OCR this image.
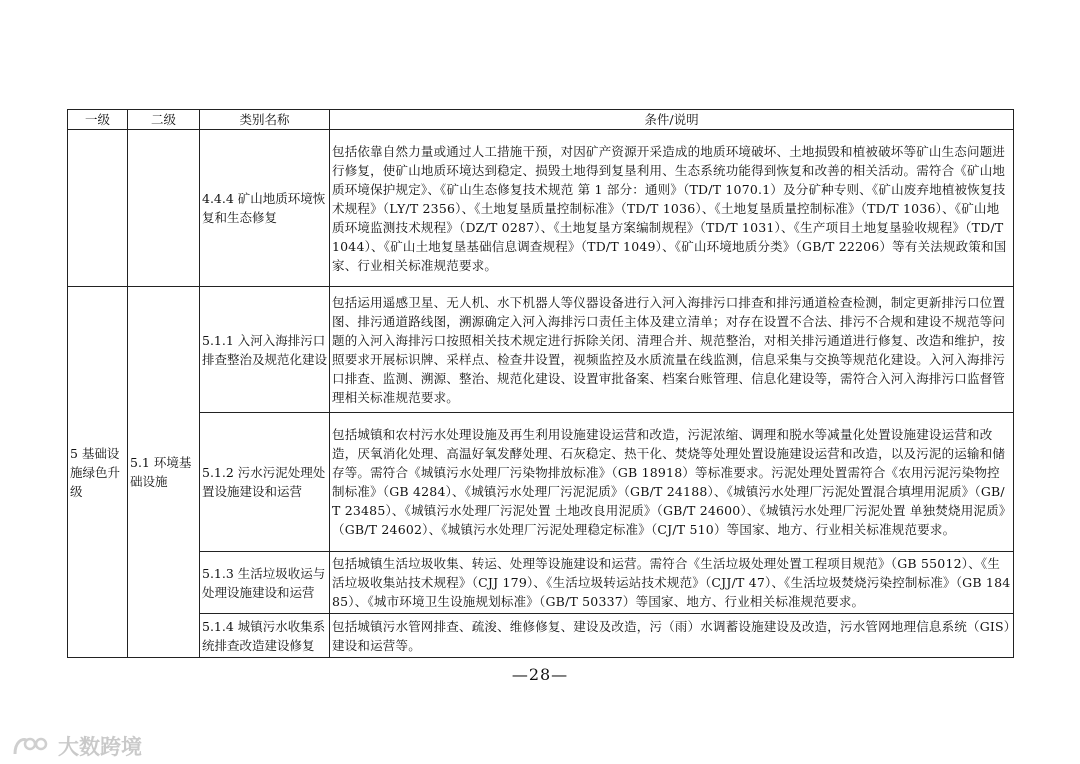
一级	二级	类别名称	条件/说明
		4.4.4 矿山地质环境恢复和生态修复	包括依靠自然力量或通过人工措施干预，对因矿产资源开采造成的地质环境破坏、土地损毁和植被破坏等矿山生态问题进行修复，使矿山地质环境达到稳定、损毁土地得到复垦利用、生态系统功能得到恢复和改善的相关活动。需符合《矿山地质环境保护规定》、《矿山生态修复技术规范 第 1 部分：通则》（TD/T 1070.1）及分矿种专则、《矿山废弃地植被恢复技术规程》（LY/T 2356）、《土地复垦质量控制标准》（TD/T 1036）、《土地复垦质量控制标准》（TD/T 1036）、《矿山地质环境监测技术规程》（DZ/T 0287）、《土地复垦方案编制规程》（TD/T 1031）、《生产项目土地复垦验收规程》（TD/T 1044）、《矿山土地复垦基础信息调查规程》（TD/T 1049）、《矿山环境地质分类》（GB/T 22206）等有关法规政策和国家、行业相关标准规范要求。
5 基础设施绿色升级	5.1 环境基础设施	5.1.1 入河入海排污口排查整治及规范化建设	包括运用遥感卫星、无人机、水下机器人等仪器设备进行入河入海排污口排查和排污通道检查检测，制定更新排污口位置图、排污通道路线图，溯源确定入河入海排污口责任主体及建立清单；对存在设置不合法、排污不合规和建设不规范等问题的入河入海排污口按照相关技术规定进行拆除关闭、清理合并、规范整治，对相关排污通道进行修复、改造和维护，按照要求开展标识牌、采样点、检查井设置，视频监控及水质流量在线监测，信息采集与交换等规范化建设。入河入海排污口排查、监测、溯源、整治、规范化建设、设置审批备案、档案台账管理、信息化建设等，需符合入河入海排污口监督管理相关标准规范要求。
		5.1.2 污水污泥处理处置设施建设和运营	包括城镇和农村污水处理设施及再生利用设施建设运营和改造，污泥浓缩、调理和脱水等减量化处置设施建设运营和改造，厌氧消化处理、高温好氧发酵处理、石灰稳定、热干化、焚烧等处理处置设施建设运营和改造，以及污泥的运输和储存等。需符合《城镇污水处理厂污染物排放标准》（GB 18918）等标准要求。污泥处理处置需符合《农用污泥污染物控制标准》（GB 4284）、《城镇污水处理厂污泥泥质》（GB/T 24188）、《城镇污水处理厂污泥处置混合填埋用泥质》（GB/T 23485）、《城镇污水处理厂污泥处置 土地改良用泥质》（GB/T 24600）、《城镇污水处理厂污泥处置 单独焚烧用泥质》（GB/T 24602）、《城镇污水处理厂污泥处理稳定标准》（CJ/T 510）等国家、地方、行业相关标准规范要求。
		5.1.3 生活垃圾收运与处理设施建设和运营	包括城镇生活垃圾收集、转运、处理等设施建设和运营。需符合《生活垃圾处理处置工程项目规范》（GB 55012）、《生活垃圾收集站技术规程》（CJJ 179）、《生活垃圾转运站技术规范》（CJJ/T 47）、《生活垃圾焚烧污染控制标准》（GB 18485）、《城市环境卫生设施规划标准》（GB/T 50337）等国家、地方、行业相关标准规范要求。
		5.1.4 城镇污水收集系统排查改造建设修复	包括城镇污水管网排查、疏浚、维修修复、建设及改造，污（雨）水调蓄设施建设及改造，污水管网地理信息系统（GIS）建设和运营等。
—28—
大数跨境
